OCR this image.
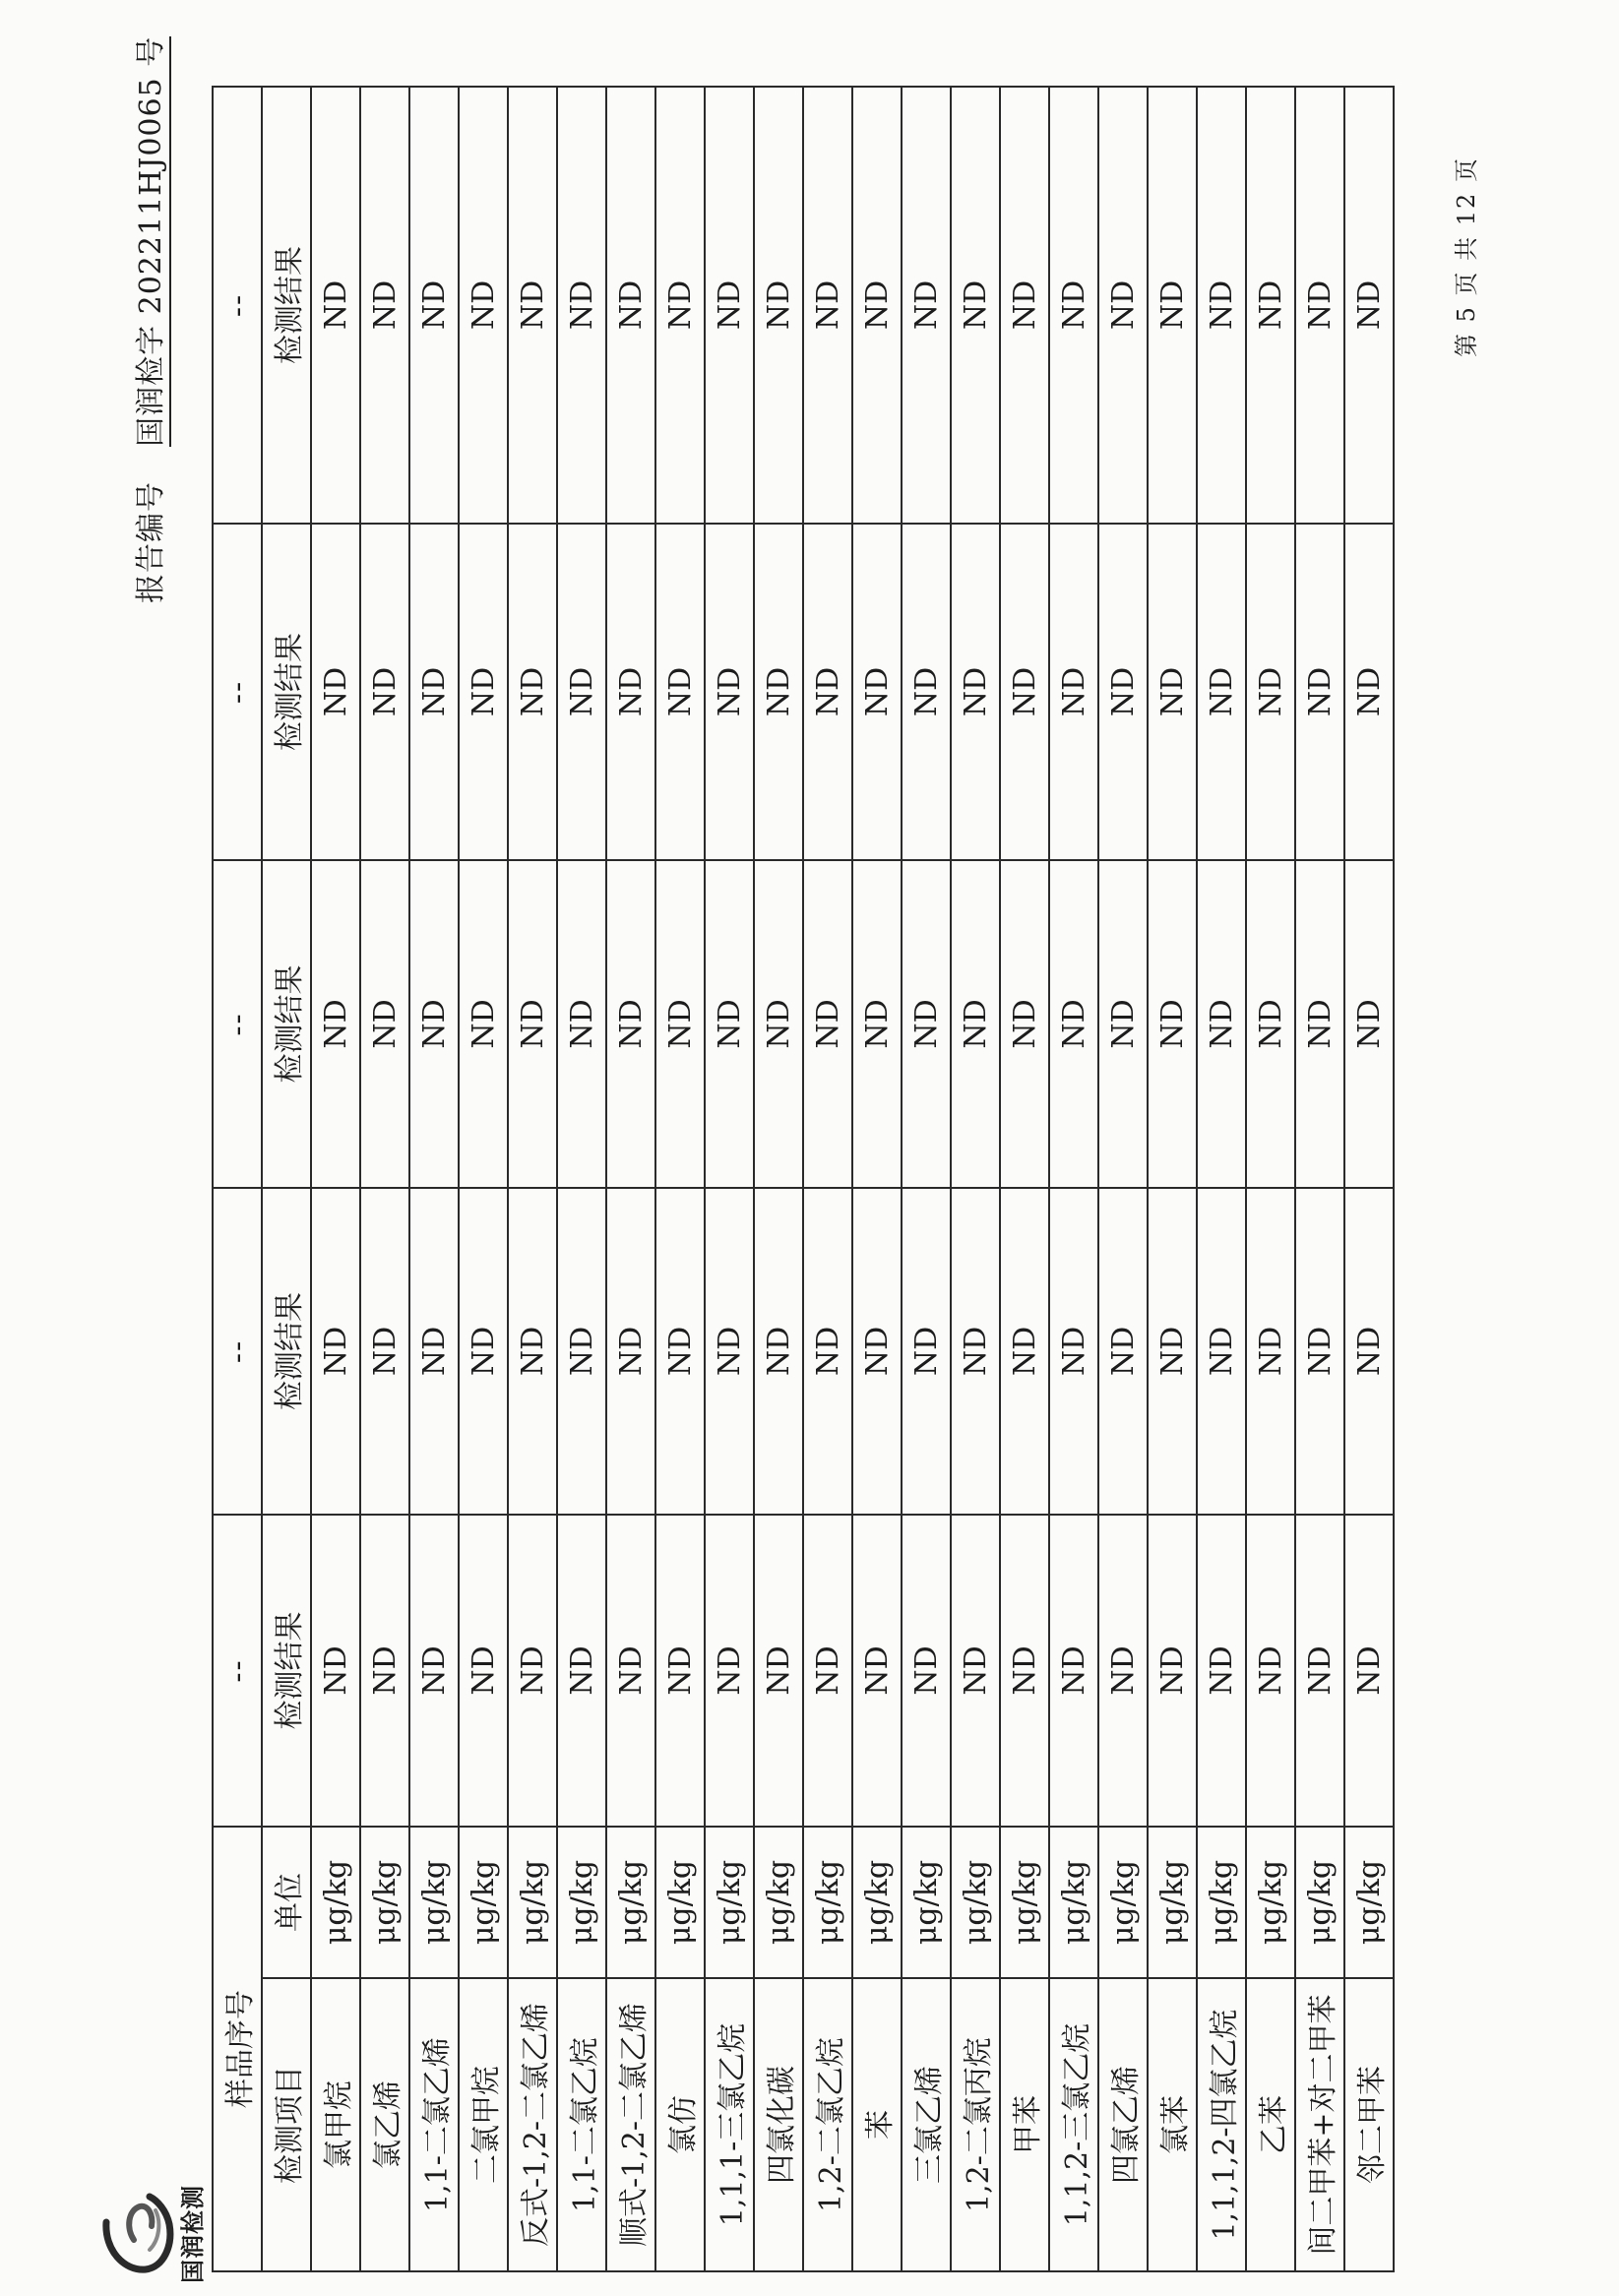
国润检测
报告编号  国润检字 202211HJ0065 号
样品序号		--	--	--	--	--
检测项目	单位	检测结果	检测结果	检测结果	检测结果	检测结果
氯甲烷	μg/kg	ND	ND	ND	ND	ND
氯乙烯	μg/kg	ND	ND	ND	ND	ND
1,1-二氯乙烯	μg/kg	ND	ND	ND	ND	ND
二氯甲烷	μg/kg	ND	ND	ND	ND	ND
反式-1,2-二氯乙烯	μg/kg	ND	ND	ND	ND	ND
1,1-二氯乙烷	μg/kg	ND	ND	ND	ND	ND
顺式-1,2-二氯乙烯	μg/kg	ND	ND	ND	ND	ND
氯仿	μg/kg	ND	ND	ND	ND	ND
1,1,1-三氯乙烷	μg/kg	ND	ND	ND	ND	ND
四氯化碳	μg/kg	ND	ND	ND	ND	ND
1,2-二氯乙烷	μg/kg	ND	ND	ND	ND	ND
苯	μg/kg	ND	ND	ND	ND	ND
三氯乙烯	μg/kg	ND	ND	ND	ND	ND
1,2-二氯丙烷	μg/kg	ND	ND	ND	ND	ND
甲苯	μg/kg	ND	ND	ND	ND	ND
1,1,2-三氯乙烷	μg/kg	ND	ND	ND	ND	ND
四氯乙烯	μg/kg	ND	ND	ND	ND	ND
氯苯	μg/kg	ND	ND	ND	ND	ND
1,1,1,2-四氯乙烷	μg/kg	ND	ND	ND	ND	ND
乙苯	μg/kg	ND	ND	ND	ND	ND
间二甲苯+对二甲苯	μg/kg	ND	ND	ND	ND	ND
邻二甲苯	μg/kg	ND	ND	ND	ND	ND	第 5 页 共 12 页
